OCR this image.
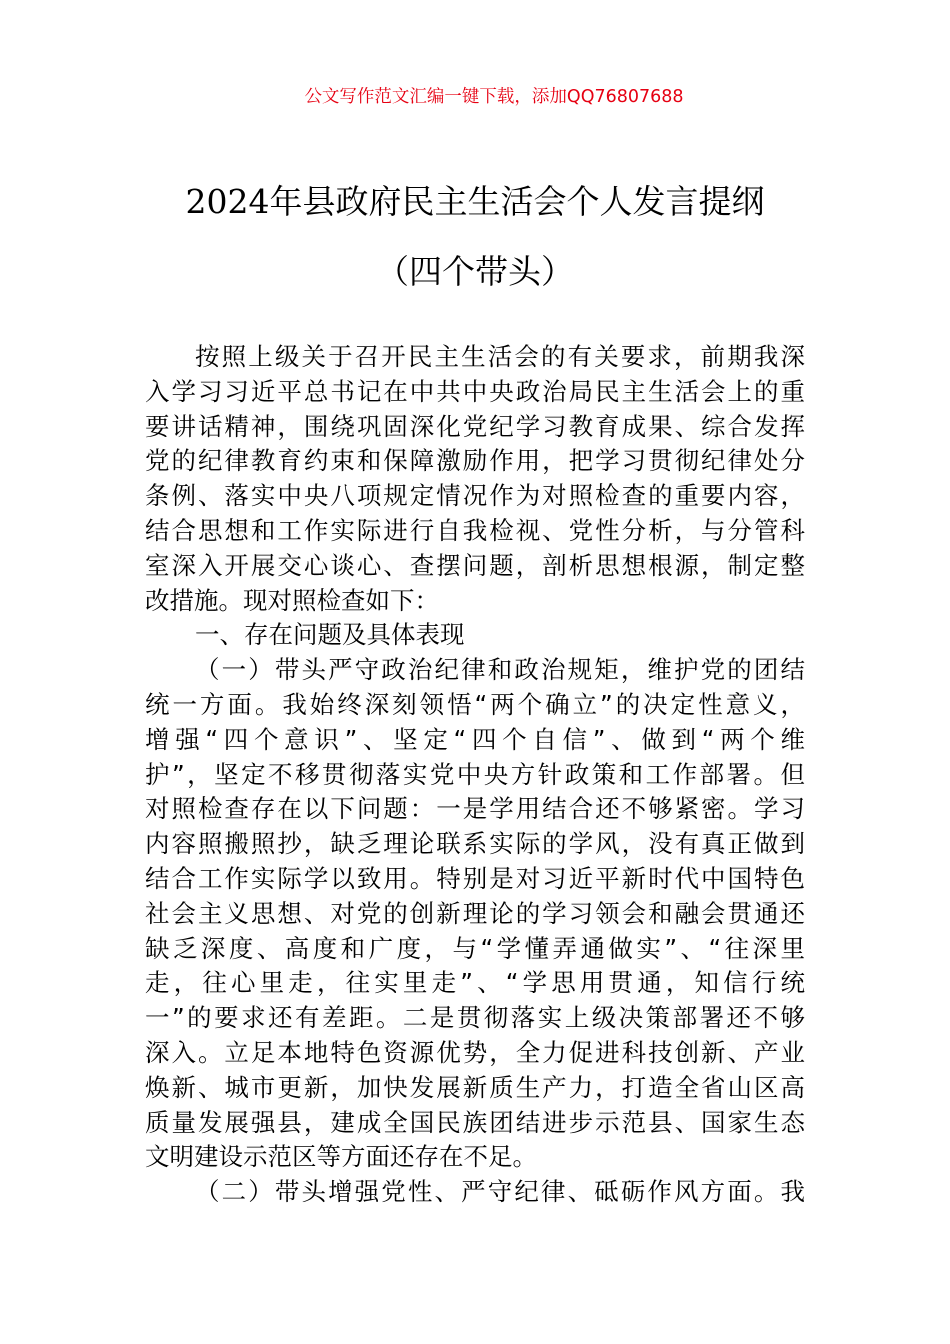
公文写作范文汇编一键下载，添加QQ76807688
2024年县政府民主生活会个人发言提纲
（四个带头）
按照上级关于召开民主生活会的有关要求，前期我深
入学习习近平总书记在中共中央政治局民主生活会上的重
要讲话精神，围绕巩固深化党纪学习教育成果、综合发挥
党的纪律教育约束和保障激励作用，把学习贯彻纪律处分
条例、落实中央八项规定情况作为对照检查的重要内容，
结合思想和工作实际进行自我检视、党性分析，与分管科
室深入开展交心谈心、查摆问题，剖析思想根源，制定整
改措施。现对照检查如下：
一、存在问题及具体表现
（一）带头严守政治纪律和政治规矩，维护党的团结
统一方面。我始终深刻领悟“两个确立”的决定性意义，
增强“四个意识”、坚定“四个自信”、做到“两个维
护”，坚定不移贯彻落实党中央方针政策和工作部署。但
对照检查存在以下问题：一是学用结合还不够紧密。学习
内容照搬照抄，缺乏理论联系实际的学风，没有真正做到
结合工作实际学以致用。特别是对习近平新时代中国特色
社会主义思想、对党的创新理论的学习领会和融会贯通还
缺乏深度、高度和广度，与“学懂弄通做实”、“往深里
走，往心里走，往实里走”、“学思用贯通，知信行统
一”的要求还有差距。二是贯彻落实上级决策部署还不够
深入。立足本地特色资源优势，全力促进科技创新、产业
焕新、城市更新，加快发展新质生产力，打造全省山区高
质量发展强县，建成全国民族团结进步示范县、国家生态
文明建设示范区等方面还存在不足。
（二）带头增强党性、严守纪律、砥砺作风方面。我
